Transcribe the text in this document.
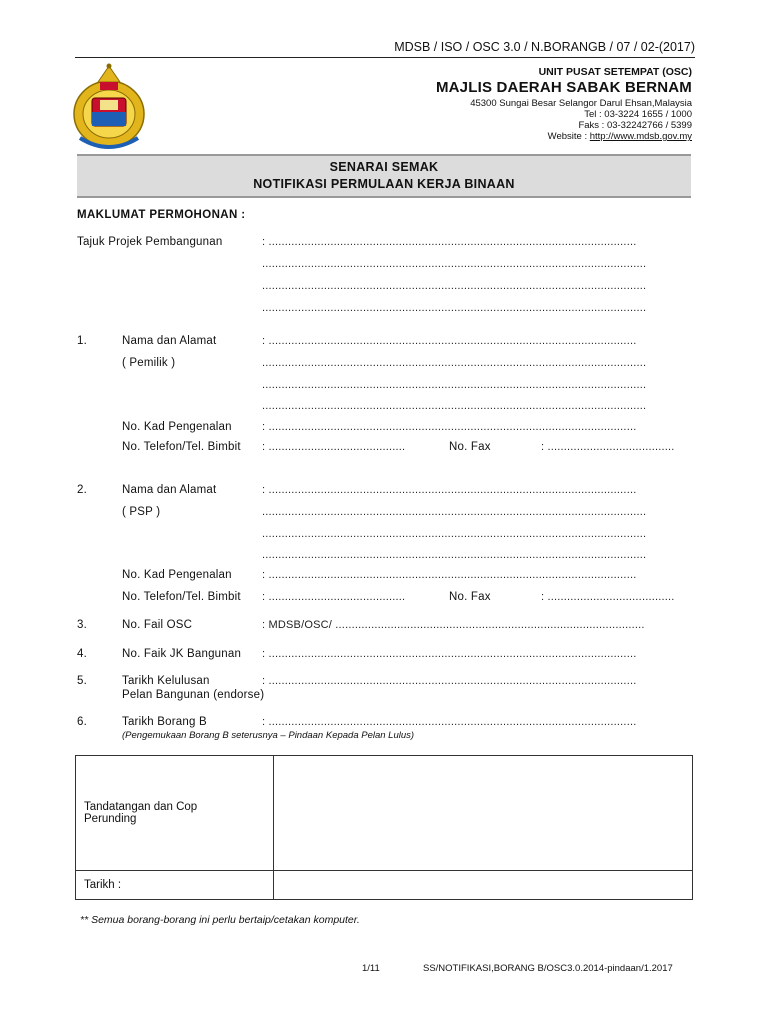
MDSB / ISO / OSC 3.0 / N.BORANGB / 07 / 02-(2017)
UNIT PUSAT SETEMPAT (OSC)
MAJLIS DAERAH SABAK BERNAM
45300 Sungai Besar Selangor Darul Ehsan,Malaysia
Tel : 03-3224 1655 / 1000
Faks : 03-32242766 / 5399
Website : http://www.mdsb.gov.my
SENARAI SEMAK
NOTIFIKASI PERMULAAN KERJA BINAAN
MAKLUMAT PERMOHONAN :
Tajuk Projek Pembangunan	: .................................................................................................................
......................................................................................................................
......................................................................................................................
......................................................................................................................
1.	Nama dan Alamat	: .................................................................................................................
( Pemilik )	......................................................................................................................
......................................................................................................................
......................................................................................................................
No. Kad Pengenalan	: .................................................................................................................
No. Telefon/Tel. Bimbit : ..........................................	No. Fax	: .......................................
2.	Nama dan Alamat	: .................................................................................................................
( PSP )	......................................................................................................................
......................................................................................................................
......................................................................................................................
No. Kad Pengenalan	: .................................................................................................................
No. Telefon/Tel. Bimbit : ..........................................	No. Fax	: .......................................
3.	No. Fail OSC	: MDSB/OSC/ ...............................................................................................
4.	No. Faik JK Bangunan : .................................................................................................................
5.	Tarikh Kelulusan
Pelan Bangunan (endorse)
: .................................................................................................................
6.	Tarikh Borang B	: .................................................................................................................
(Pengemukaan Borang B seterusnya – Pindaan Kepada Pelan Lulus)
Tandatangan dan Cop
Perunding	

Tarikh :	
** Semua borang-borang ini perlu bertaip/cetakan komputer.
1/11	SS/NOTIFIKASI,BORANG B/OSC3.0.2014-pindaan/1.2017
